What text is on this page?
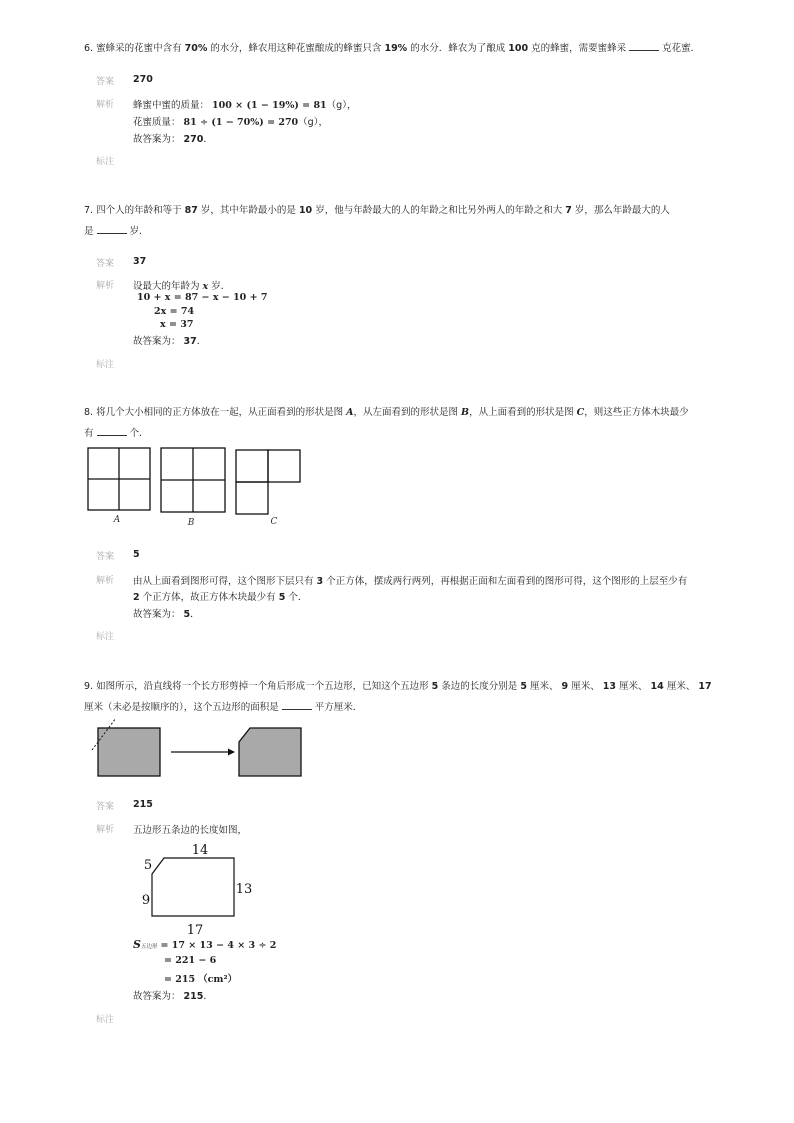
6. 蜜蜂采的花蜜中含有 70% 的水分，蜂农用这种花蜜酿成的蜂蜜只含 19% 的水分．蜂农为了酿成 100 克的蜂蜜，需要蜜蜂采	克花蜜．
答案 270
解析 蜂蜜中蜜的质量： 100 × (1 − 19%) = 81（g），
花蜜质量： 81 ÷ (1 − 70%) = 270（g），
故答案为： 270．
标注
7. 四个人的年龄和等于 87 岁，其中年龄最小的是 10 岁，他与年龄最大的人的年龄之和比另外两人的年龄之和大 7 岁，那么年龄最大的人
是	岁．
答案 37
解析 设最大的年龄为 x 岁．
10 + x = 87 − x − 10 + 7
2x = 74
x = 37
故答案为： 37．
标注
8. 将几个大小相同的正方体放在一起，从正面看到的形状是图 A，从左面看到的形状是图 B，从上面看到的形状是图 C，则这些正方体木块最少
有	个．
A	B	C
答案 5
解析 由从上面看到图形可得，这个图形下层只有 3 个正方体，摆成两行两列，再根据正面和左面看到的图形可得，这个图形的上层至少有
2 个正方体，故正方体木块最少有 5 个．
故答案为： 5．
标注
9. 如图所示，沿直线将一个长方形剪掉一个角后形成一个五边形，已知这个五边形 5 条边的长度分别是 5 厘米、 9 厘米、 13 厘米、 14 厘米、 17
厘米（未必是按顺序的），这个五边形的面积是	平方厘米．
答案 215
解析 五边形五条边的长度如图，
14
5
13
9
17
S五边形 = 17 × 13 − 4 × 3 ÷ 2
= 221 − 6
= 215 （cm²）
故答案为： 215．
标注
